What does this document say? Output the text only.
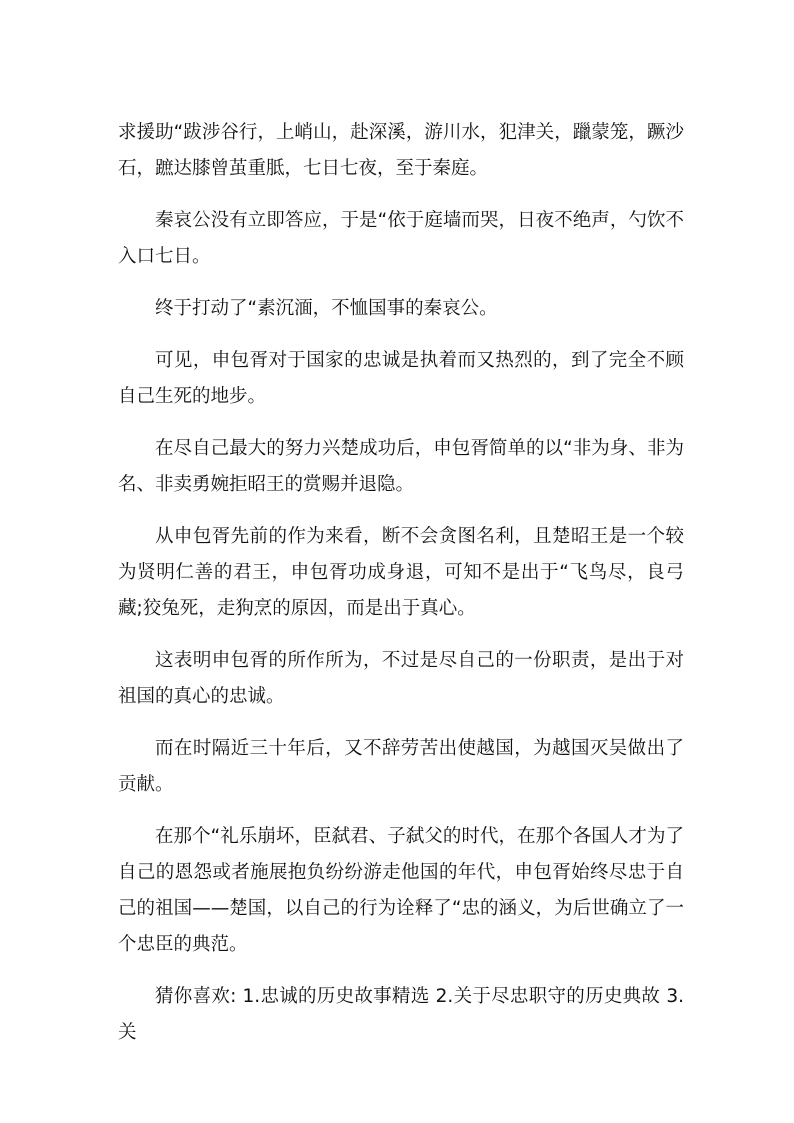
求援助“跋涉谷行，上峭山，赴深溪，游川水，犯津关，躐蒙笼，蹶沙石，蹠达膝曾茧重胝，七日七夜，至于秦庭。

秦哀公没有立即答应，于是“依于庭墙而哭，日夜不绝声，勺饮不入口七日。

终于打动了“素沉湎，不恤国事的秦哀公。

可见，申包胥对于国家的忠诚是执着而又热烈的，到了完全不顾自己生死的地步。

在尽自己最大的努力兴楚成功后，申包胥简单的以“非为身、非为名、非卖勇婉拒昭王的赏赐并退隐。

从申包胥先前的作为来看，断不会贪图名利，且楚昭王是一个较为贤明仁善的君王，申包胥功成身退，可知不是出于“飞鸟尽，良弓藏;狡兔死，走狗烹的原因，而是出于真心。

这表明申包胥的所作所为，不过是尽自己的一份职责，是出于对祖国的真心的忠诚。

而在时隔近三十年后，又不辞劳苦出使越国，为越国灭吴做出了贡献。

在那个“礼乐崩坏，臣弑君、子弑父的时代，在那个各国人才为了自己的恩怨或者施展抱负纷纷游走他国的年代，申包胥始终尽忠于自己的祖国——楚国，以自己的行为诠释了“忠的涵义，为后世确立了一个忠臣的典范。

猜你喜欢: 1.忠诚的历史故事精选 2.关于尽忠职守的历史典故 3.关
